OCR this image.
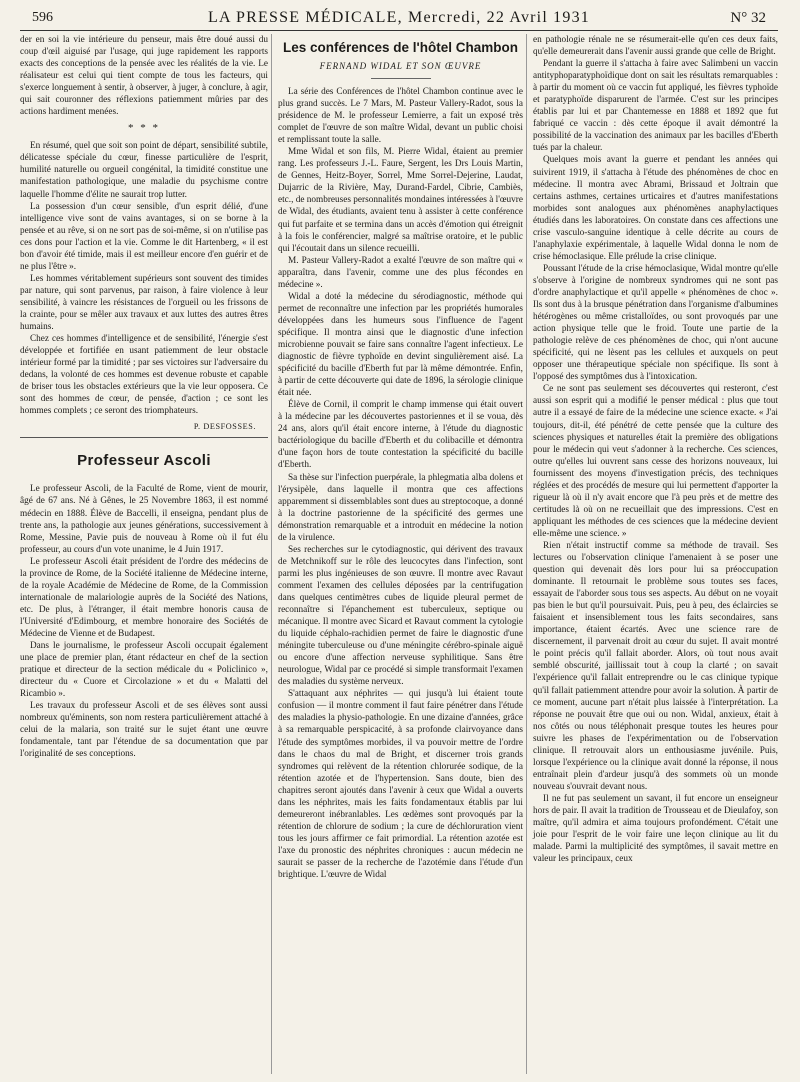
596	LA PRESSE MÉDICALE, Mercredi, 22 Avril 1931	N° 32

der en soi la vie intérieure du penseur, mais être doué aussi du coup d'œil aiguisé par l'usage, qui juge rapidement les rapports exacts des conceptions de la pensée avec les réalités de la vie. Le réalisateur est celui qui tient compte de tous les facteurs, qui s'exerce longuement à sentir, à observer, à juger, à conclure, à agir, qui sait couronner des réflexions patiemment mûries par des actions hardiment menées.

* * *

En résumé, quel que soit son point de départ, sensibilité subtile, délicatesse spéciale du cœur, finesse particulière de l'esprit, humilité naturelle ou orgueil congénital, la timidité constitue une manifestation pathologique, une maladie du psychisme contre laquelle l'homme d'élite ne saurait trop lutter.

La possession d'un cœur sensible, d'un esprit délié, d'une intelligence vive sont de vains avantages, si on se borne à la pensée et au rêve, si on ne sort pas de soi-même, si on n'utilise pas ces dons pour l'action et la vie. Comme le dit Hartenberg, « il est bon d'avoir été timide, mais il est meilleur encore d'en guérir et de ne plus l'être ».

Les hommes véritablement supérieurs sont souvent des timides par nature, qui sont parvenus, par raison, à faire violence à leur sensibilité, à vaincre les résistances de l'orgueil ou les frissons de la crainte, pour se mêler aux travaux et aux luttes des autres êtres humains.

Chez ces hommes d'intelligence et de sensibilité, l'énergie s'est développée et fortifiée en usant patiemment de leur obstacle intérieur formé par la timidité ; par ses victoires sur l'adversaire du dedans, la volonté de ces hommes est devenue robuste et capable de briser tous les obstacles extérieurs que la vie leur opposera. Ce sont des hommes de cœur, de pensée, d'action ; ce sont les hommes complets ; ce seront des triomphateurs.

P. DESFOSSES.
Professeur Ascoli

Le professeur Ascoli, de la Faculté de Rome, vient de mourir, âgé de 67 ans. Né à Gênes, le 25 Novembre 1863, il est nommé médecin en 1888. Élève de Baccelli, il enseigna, pendant plus de trente ans, la pathologie aux jeunes générations, successivement à Rome, Messine, Pavie puis de nouveau à Rome où il fut élu professeur, au cours d'un vote unanime, le 4 Juin 1917.

Le professeur Ascoli était président de l'ordre des médecins de la province de Rome, de la Société italienne de Médecine interne, de la royale Académie de Médecine de Rome, de la Commission internationale de malariologie auprès de la Société des Nations, etc. De plus, à l'étranger, il était membre honoris causa de l'Université d'Edimbourg, et membre honoraire des Sociétés de Médecine de Vienne et de Budapest.

Dans le journalisme, le professeur Ascoli occupait également une place de premier plan, étant rédacteur en chef de la section pratique et directeur de la section médicale du « Policlinico », directeur du « Cuore et Circolazione » et du « Malatti del Ricambio ».

Les travaux du professeur Ascoli et de ses élèves sont aussi nombreux qu'éminents, son nom restera particulièrement attaché à celui de la malaria, son traité sur le sujet étant une œuvre fondamentale, tant par l'étendue de sa documentation que par l'originalité de ses conceptions.

Les conférences de l'hôtel Chambon
FERNAND WIDAL ET SON ŒUVRE

La série des Conférences de l'hôtel Chambon continue avec le plus grand succès. Le 7 Mars, M. Pasteur Vallery-Radot, sous la présidence de M. le professeur Lemierre, a fait un exposé très complet de l'œuvre de son maître Widal, devant un public choisi et remplissant toute la salle.

Mme Widal et son fils, M. Pierre Widal, étaient au premier rang. Les professeurs J.-L. Faure, Sergent, les Drs Louis Martin, de Gennes, Heitz-Boyer, Sorrel, Mme Sorrel-Dejerine, Laudat, Dujarric de la Rivière, May, Durand-Fardel, Cibrie, Cambiès, etc., de nombreuses personnalités mondaines intéressées à l'œuvre de Widal, des étudiants, avaient tenu à assister à cette conférence qui fut parfaite et se termina dans un accès d'émotion qui étreignit à la fois le conférencier, malgré sa maîtrise oratoire, et le public qui l'écoutait dans un silence recueilli.

M. Pasteur Vallery-Radot a exalté l'œuvre de son maître qui « apparaîtra, dans l'avenir, comme une des plus fécondes en médecine ».

Widal a doté la médecine du sérodiagnostic, méthode qui permet de reconnaître une infection par les propriétés humorales développées dans les humeurs sous l'influence de l'agent spécifique. Il montra ainsi que le diagnostic d'une infection microbienne pouvait se faire sans connaître l'agent infectieux. Le diagnostic de fièvre typhoïde en devint singulièrement aisé. La spécificité du bacille d'Eberth fut par là même démontrée. Enfin, à partir de cette découverte qui date de 1896, la sérologie clinique était née.

Élève de Cornil, il comprit le champ immense qui était ouvert à la médecine par les découvertes pastoriennes et il se voua, dès 24 ans, alors qu'il était encore interne, à l'étude du diagnostic bactériologique du bacille d'Eberth et du colibacille et démontra d'une façon hors de toute contestation la spécificité du bacille d'Eberth.

Sa thèse sur l'infection puerpérale, la phlegmatia alba dolens et l'érysipèle, dans laquelle il montra que ces affections apparemment si dissemblables sont dues au streptocoque, a donné à la doctrine pastorienne de la spécificité des germes une démonstration remarquable et a introduit en médecine la notion de la virulence.

Ses recherches sur le cytodiagnostic, qui dérivent des travaux de Metchnikoff sur le rôle des leucocytes dans l'infection, sont parmi les plus ingénieuses de son œuvre. Il montre avec Ravaut comment l'examen des cellules déposées par la centrifugation dans quelques centimètres cubes de liquide pleural permet de reconnaître si l'épanchement est tuberculeux, septique ou mécanique. Il montre avec Sicard et Ravaut comment la cytologie du liquide céphalo-rachidien permet de faire le diagnostic d'une méningite tuberculeuse ou d'une méningite cérébro-spinale aiguë ou encore d'une affection nerveuse syphilitique. Sans être neurologue, Widal par ce procédé si simple transformait l'examen des maladies du système nerveux.

S'attaquant aux néphrites — qui jusqu'à lui étaient toute confusion — il montre comment il faut faire pénétrer dans l'étude des maladies la physio-pathologie. En une dizaine d'années, grâce à sa remarquable perspicacité, à sa profonde clairvoyance dans l'étude des symptômes morbides, il va pouvoir mettre de l'ordre dans le chaos du mal de Bright, et discerner trois grands syndromes qui relèvent de la rétention chlorurée sodique, de la rétention azotée et de l'hypertension. Sans doute, bien des chapitres seront ajoutés dans l'avenir à ceux que Widal a ouverts dans les néphrites, mais les faits fondamentaux établis par lui demeureront inébranlables. Les œdèmes sont provoqués par la rétention de chlorure de sodium ; la cure de déchloruration vient tous les jours affirmer ce fait primordial. La rétention azotée est l'axe du pronostic des néphrites chroniques : aucun médecin ne saurait se passer de la recherche de l'azotémie dans l'étude d'un brightique. L'œuvre de Widal

en pathologie rénale ne se résumerait-elle qu'en ces deux faits, qu'elle demeurerait dans l'avenir aussi grande que celle de Bright.

Pendant la guerre il s'attacha à faire avec Salimbeni un vaccin antityphoparatyphoïdique dont on sait les résultats remarquables : à partir du moment où ce vaccin fut appliqué, les fièvres typhoïde et paratyphoïde disparurent de l'armée. C'est sur les principes établis par lui et par Chantemesse en 1888 et 1892 que fut fabriqué ce vaccin : dès cette époque il avait démontré la possibilité de la vaccination des animaux par les bacilles d'Eberth tués par la chaleur.

Quelques mois avant la guerre et pendant les années qui suivirent 1919, il s'attacha à l'étude des phénomènes de choc en médecine. Il montra avec Abrami, Brissaud et Joltrain que certains asthmes, certaines urticaires et d'autres manifestations morbides sont analogues aux phénomènes anaphylactiques étudiés dans les laboratoires. On constate dans ces affections une crise vasculo-sanguine identique à celle décrite au cours de l'anaphylaxie expérimentale, à laquelle Widal donna le nom de crise hémoclasique. Elle prélude la crise clinique.

Poussant l'étude de la crise hémoclasique, Widal montre qu'elle s'observe à l'origine de nombreux syndromes qui ne sont pas d'ordre anaphylactique et qu'il appelle « phénomènes de choc ». Ils sont dus à la brusque pénétration dans l'organisme d'albumines hétérogènes ou même cristalloïdes, ou sont provoqués par une action physique telle que le froid. Toute une partie de la pathologie relève de ces phénomènes de choc, qui n'ont aucune spécificité, qui ne lèsent pas les cellules et auxquels on peut opposer une thérapeutique spéciale non spécifique. Ils sont à l'opposé des symptômes dus à l'intoxication.

Ce ne sont pas seulement ses découvertes qui resteront, c'est aussi son esprit qui a modifié le penser médical : plus que tout autre il a essayé de faire de la médecine une science exacte. « J'ai toujours, dit-il, été pénétré de cette pensée que la culture des sciences physiques et naturelles était la première des obligations pour le médecin qui veut s'adonner à la recherche. Ces sciences, outre qu'elles lui ouvrent sans cesse des horizons nouveaux, lui fournissent des moyens d'investigation précis, des techniques réglées et des procédés de mesure qui lui permettent d'apporter la rigueur là où il n'y avait encore que l'à peu près et de mettre des certitudes là où on ne recueillait que des impressions. C'est en appliquant les méthodes de ces sciences que la médecine devient elle-même une science. »

Rien n'était instructif comme sa méthode de travail. Ses lectures ou l'observation clinique l'amenaient à se poser une question qui devenait dès lors pour lui sa préoccupation dominante. Il retournait le problème sous toutes ses faces, essayait de l'aborder sous tous ses aspects. Au début on ne voyait pas bien le but qu'il poursuivait. Puis, peu à peu, des éclaircies se faisaient et insensiblement tous les faits secondaires, sans importance, étaient écartés. Avec une science rare de discernement, il parvenait droit au cœur du sujet. Il avait montré le point précis qu'il fallait aborder. Alors, où tout nous avait semblé obscurité, jaillissait tout à coup la clarté ; on savait l'expérience qu'il fallait entreprendre ou le cas clinique typique qu'il fallait patiemment attendre pour avoir la solution. À partir de ce moment, aucune part n'était plus laissée à l'interprétation. La réponse ne pouvait être que oui ou non. Widal, anxieux, était à nos côtés ou nous téléphonait presque toutes les heures pour suivre les phases de l'expérimentation ou de l'observation clinique. Il retrouvait alors un enthousiasme juvénile. Puis, lorsque l'expérience ou la clinique avait donné la réponse, il nous entraînait plein d'ardeur jusqu'à des sommets où un monde nouveau s'ouvrait devant nous.

Il ne fut pas seulement un savant, il fut encore un enseigneur hors de pair. Il avait la tradition de Trousseau et de Dieulafoy, son maître, qu'il admira et aima toujours profondément. C'était une joie pour l'esprit de le voir faire une leçon clinique au lit du malade. Parmi la multiplicité des symptômes, il savait mettre en valeur les principaux, ceux
